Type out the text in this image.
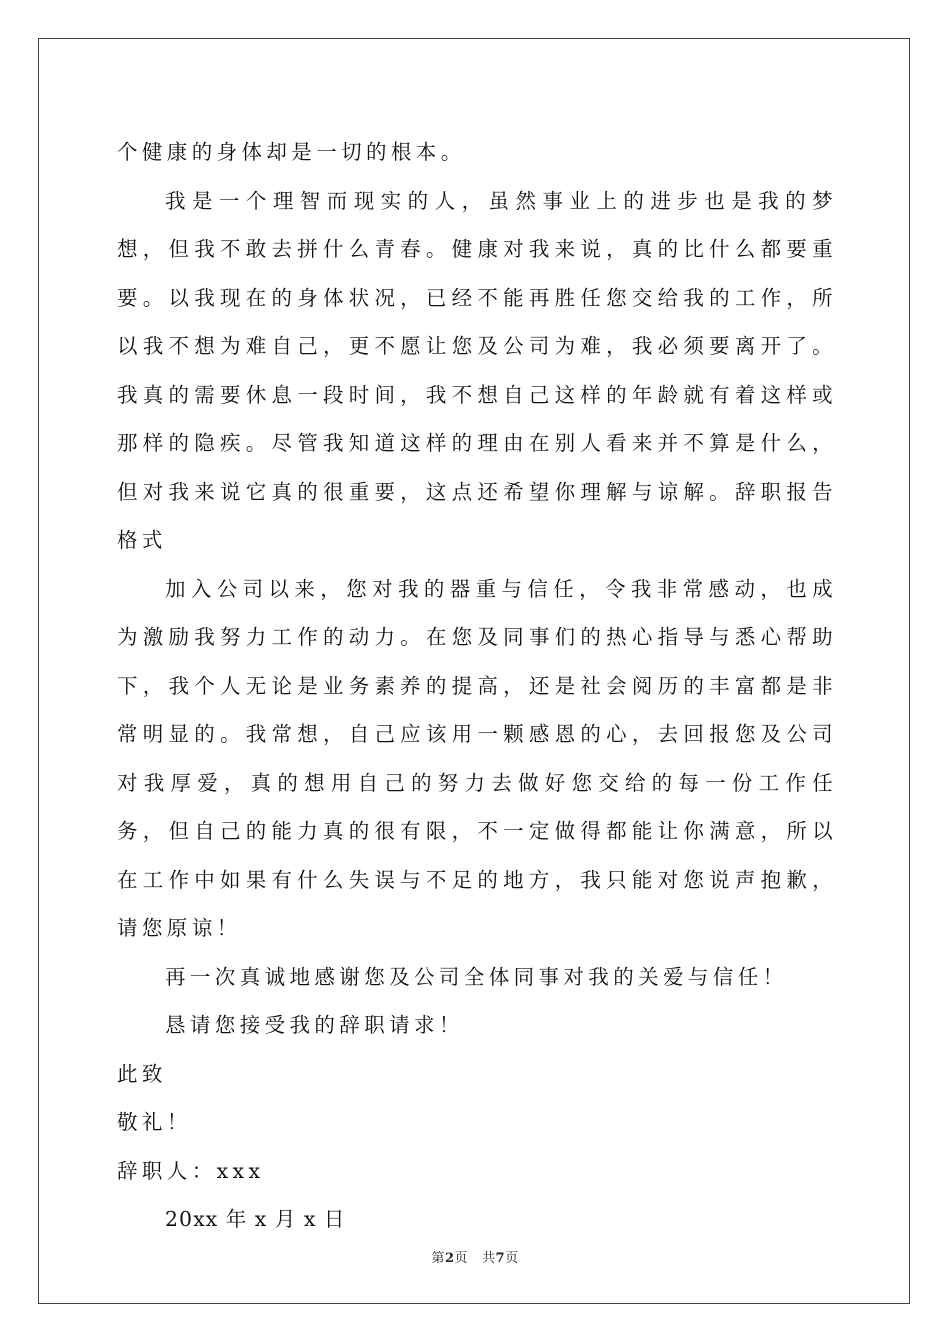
个健康的身体却是一切的根本。

我是一个理智而现实的人，虽然事业上的进步也是我的梦想，但我不敢去拼什么青春。健康对我来说，真的比什么都要重要。以我现在的身体状况，已经不能再胜任您交给我的工作，所以我不想为难自己，更不愿让您及公司为难，我必须要离开了。我真的需要休息一段时间，我不想自己这样的年龄就有着这样或那样的隐疾。尽管我知道这样的理由在别人看来并不算是什么，但对我来说它真的很重要，这点还希望你理解与谅解。辞职报告格式

加入公司以来，您对我的器重与信任，令我非常感动，也成为激励我努力工作的动力。在您及同事们的热心指导与悉心帮助下，我个人无论是业务素养的提高，还是社会阅历的丰富都是非常明显的。我常想，自己应该用一颗感恩的心，去回报您及公司对我厚爱，真的想用自己的努力去做好您交给的每一份工作任务，但自己的能力真的很有限，不一定做得都能让你满意，所以在工作中如果有什么失误与不足的地方，我只能对您说声抱歉，请您原谅！

再一次真诚地感谢您及公司全体同事对我的关爱与信任！

恳请您接受我的辞职请求！

此致

敬礼！

辞职人：xxx

20xx 年 x 月 x 日

第2页 共7页
